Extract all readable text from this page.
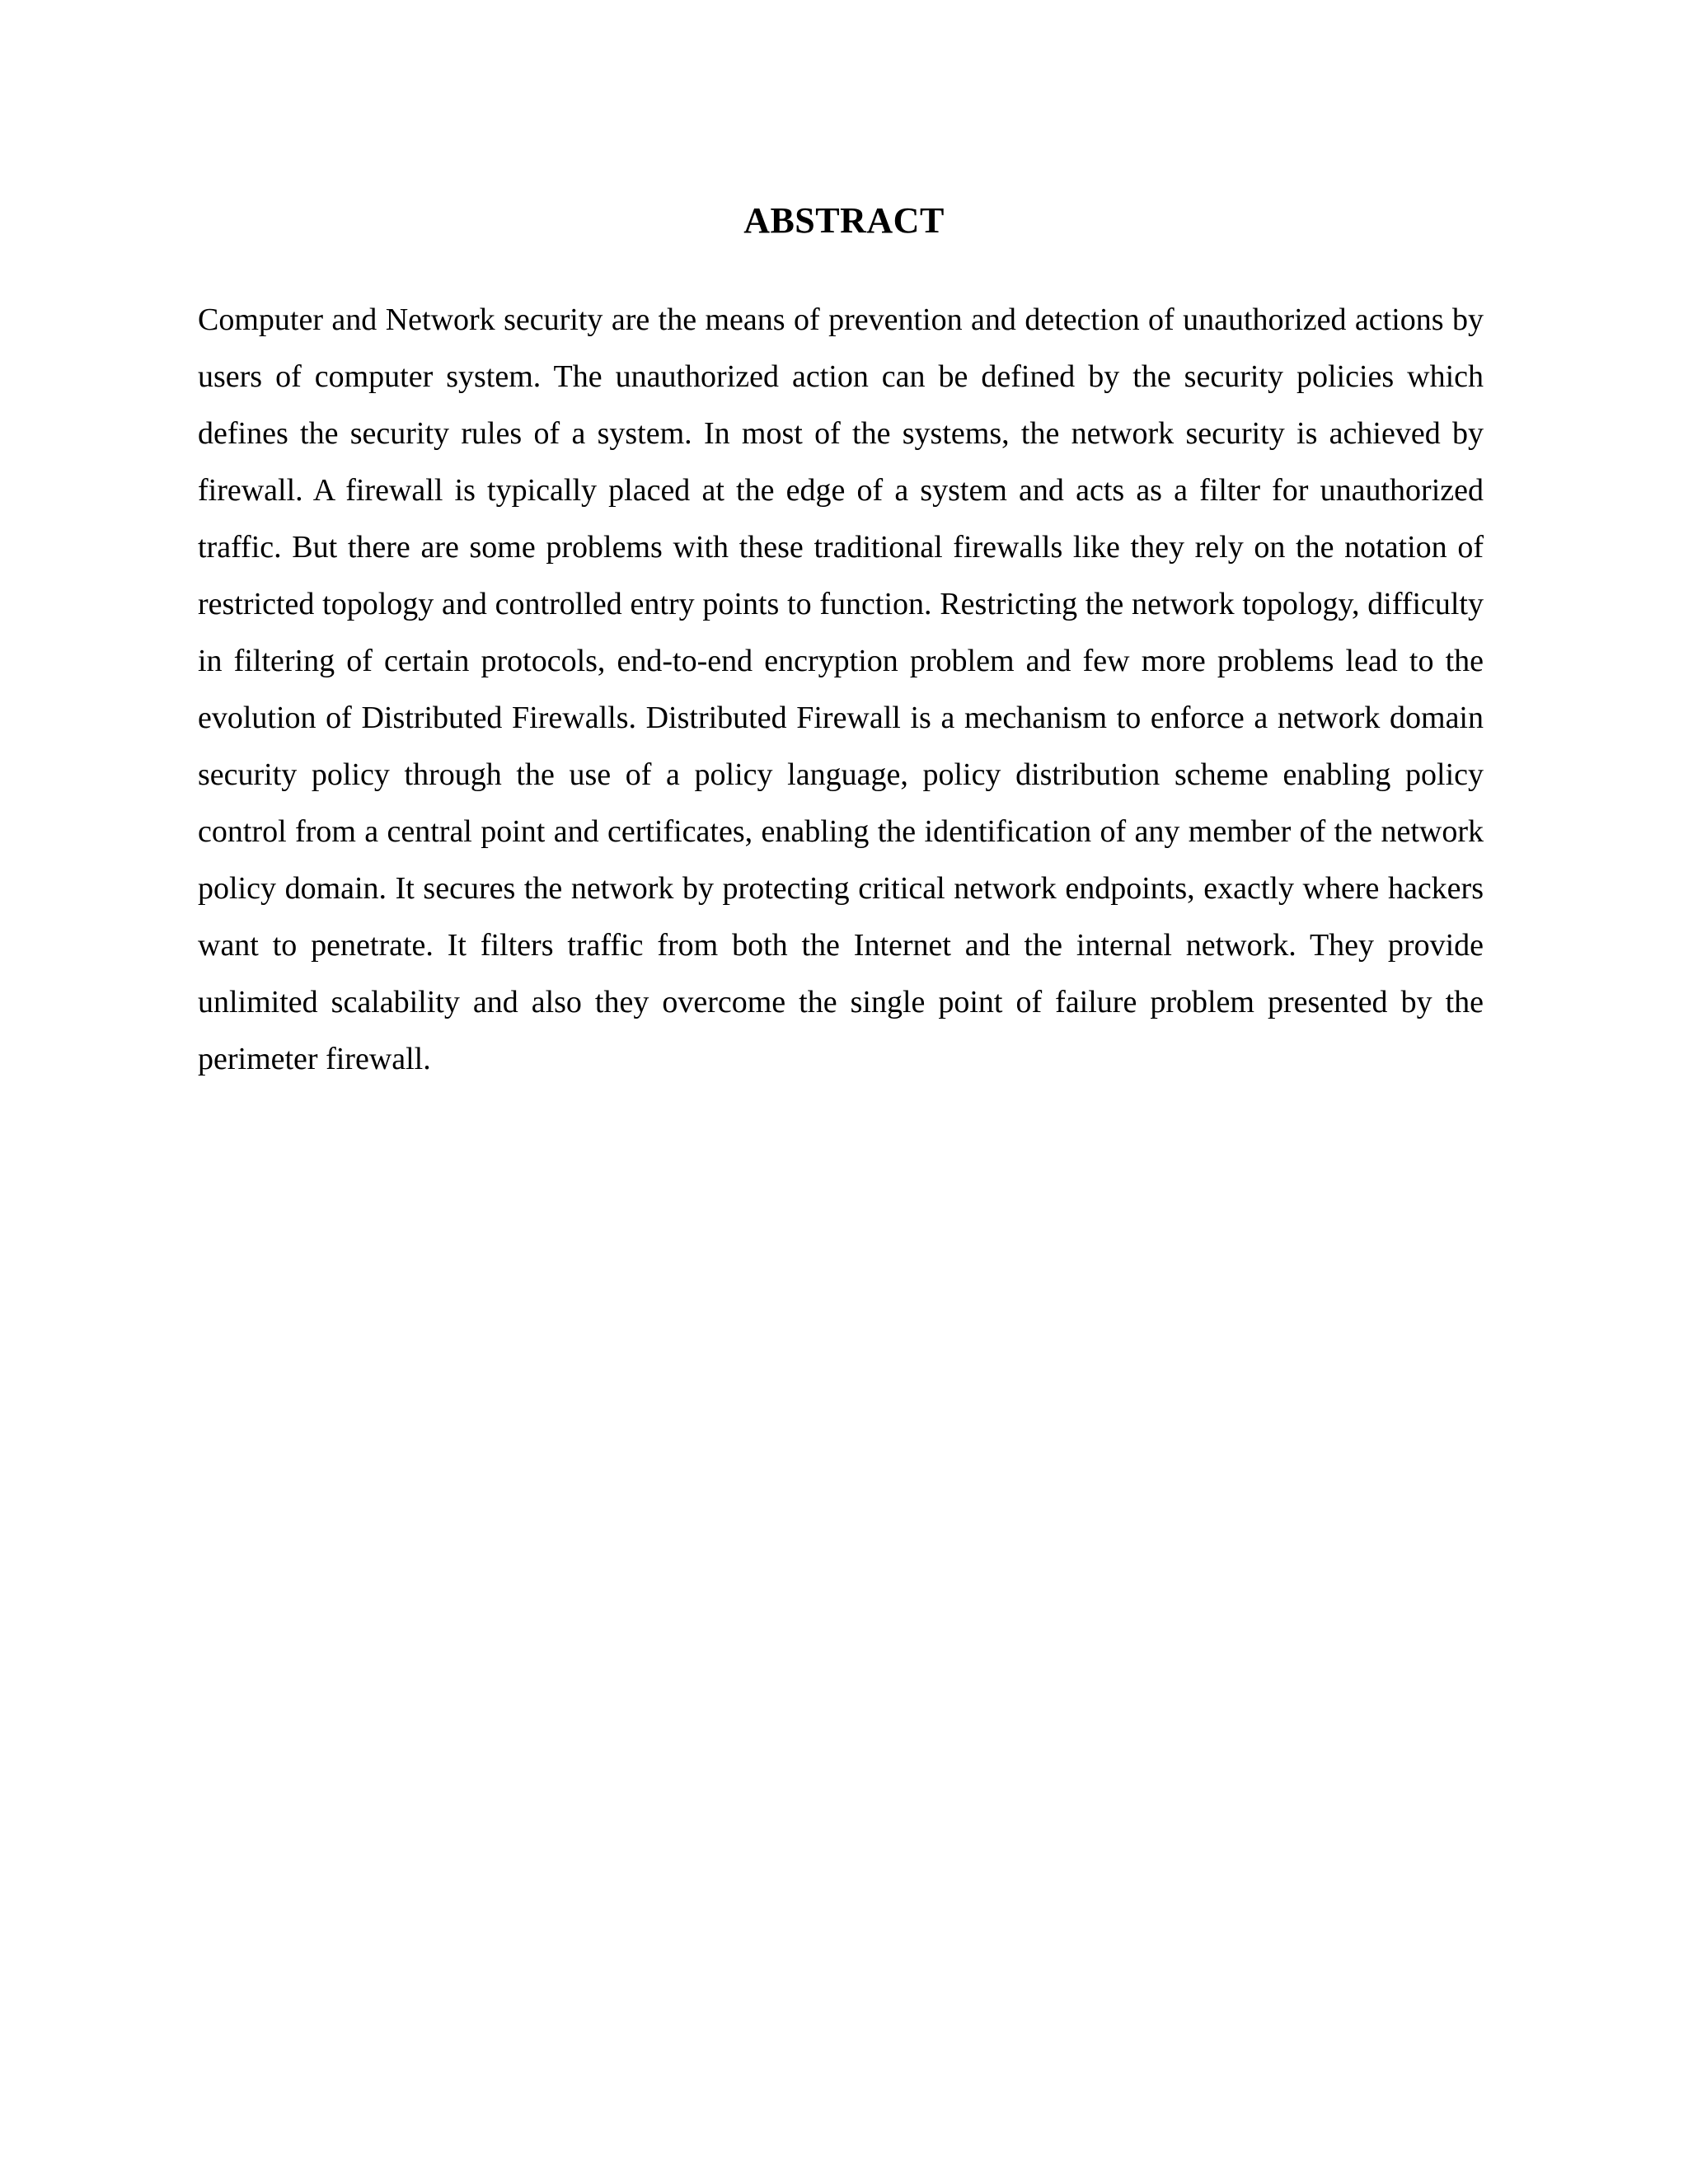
ABSTRACT

Computer and Network security are the means of prevention and detection of unauthorized actions by users of computer system. The unauthorized action can be defined by the security policies which defines the security rules of a system. In most of the systems, the network security is achieved by firewall. A firewall is typically placed at the edge of a system and acts as a filter for unauthorized traffic. But there are some problems with these traditional firewalls like they rely on the notation of restricted topology and controlled entry points to function. Restricting the network topology, difficulty in filtering of certain protocols, end-to-end encryption problem and few more problems lead to the evolution of Distributed Firewalls. Distributed Firewall is a mechanism to enforce a network domain security policy through the use of a policy language, policy distribution scheme enabling policy control from a central point and certificates, enabling the identification of any member of the network policy domain. It secures the network by protecting critical network endpoints, exactly where hackers want to penetrate. It filters traffic from both the Internet and the internal network. They provide unlimited scalability and also they overcome the single point of failure problem presented by the perimeter firewall.
